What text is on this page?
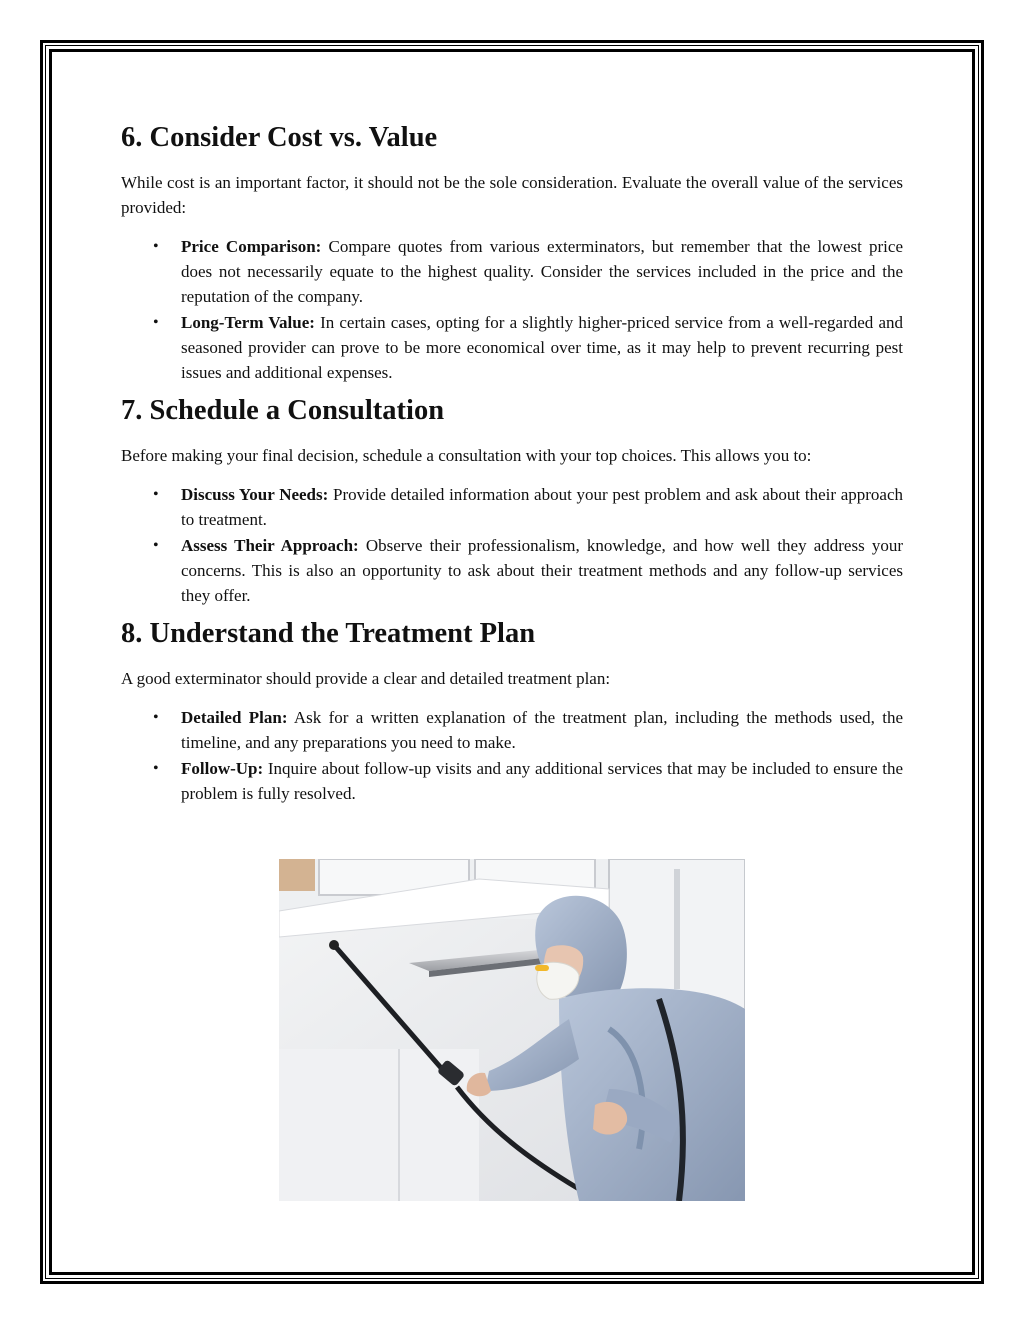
6. Consider Cost vs. Value

While cost is an important factor, it should not be the sole consideration. Evaluate the overall value of the services provided:

• Price Comparison: Compare quotes from various exterminators, but remember that the lowest price does not necessarily equate to the highest quality. Consider the services included in the price and the reputation of the company.
• Long-Term Value: In certain cases, opting for a slightly higher-priced service from a well-regarded and seasoned provider can prove to be more economical over time, as it may help to prevent recurring pest issues and additional expenses.
7. Schedule a Consultation

Before making your final decision, schedule a consultation with your top choices. This allows you to:

• Discuss Your Needs: Provide detailed information about your pest problem and ask about their approach to treatment.
• Assess Their Approach: Observe their professionalism, knowledge, and how well they address your concerns. This is also an opportunity to ask about their treatment methods and any follow-up services they offer.
8. Understand the Treatment Plan

A good exterminator should provide a clear and detailed treatment plan:

• Detailed Plan: Ask for a written explanation of the treatment plan, including the methods used, the timeline, and any preparations you need to make.
• Follow-Up: Inquire about follow-up visits and any additional services that may be included to ensure the problem is fully resolved.
